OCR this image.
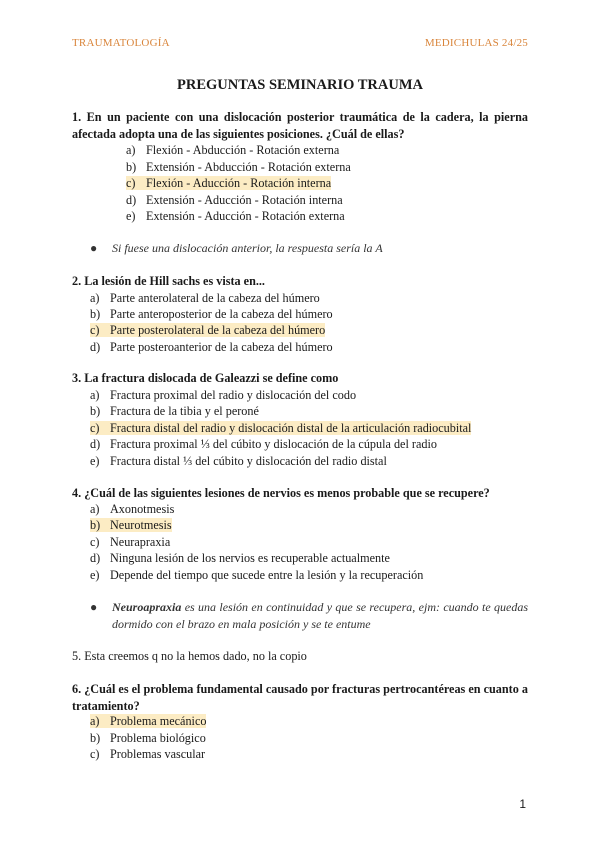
TRAUMATOLOGÍA	MEDICHULAS 24/25
PREGUNTAS SEMINARIO TRAUMA
1. En un paciente con una dislocación posterior traumática de la cadera, la pierna afectada adopta una de las siguientes posiciones. ¿Cuál de ellas?
a) Flexión - Abducción - Rotación externa
b) Extensión - Abducción - Rotación externa
c) Flexión - Aducción - Rotación interna
d) Extensión - Aducción - Rotación interna
e) Extensión - Aducción - Rotación externa
●	Si fuese una dislocación anterior, la respuesta sería la A
2. La lesión de Hill sachs es vista en...
a) Parte anterolateral de la cabeza del húmero
b) Parte anteroposterior de la cabeza del húmero
c) Parte posterolateral de la cabeza del húmero
d) Parte posteroanterior de la cabeza del húmero
3. La fractura dislocada de Galeazzi se define como
a) Fractura proximal del radio y dislocación del codo
b) Fractura de la tibia y el peroné
c) Fractura distal del radio y dislocación distal de la articulación radiocubital
d) Fractura proximal ⅓ del cúbito y dislocación de la cúpula del radio
e) Fractura distal ⅓ del cúbito y dislocación del radio distal
4. ¿Cuál de las siguientes lesiones de nervios es menos probable que se recupere?
a) Axonotmesis
b) Neurotmesis
c) Neurapraxia
d) Ninguna lesión de los nervios es recuperable actualmente
e) Depende del tiempo que sucede entre la lesión y la recuperación
●	Neuroapraxia es una lesión en continuidad y que se recupera, ejm: cuando te quedas dormido con el brazo en mala posición y se te entume
5. Esta creemos q no la hemos dado, no la copio
6. ¿Cuál es el problema fundamental causado por fracturas pertrocantéreas en cuanto a tratamiento?
a) Problema mecánico
b) Problema biológico
c) Problemas vascular
1
